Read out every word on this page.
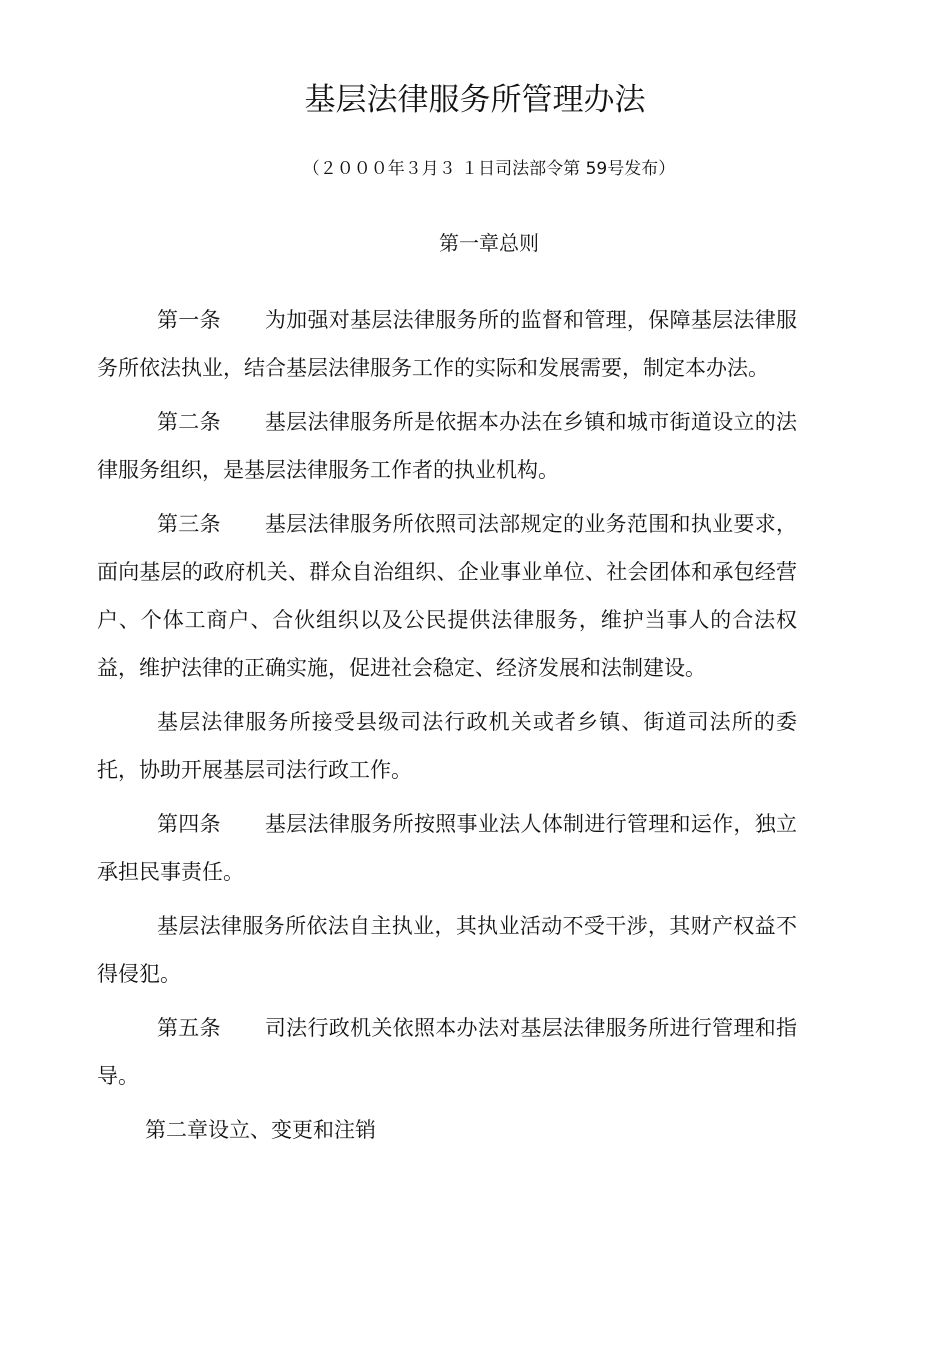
基层法律服务所管理办法
（２０００年３月３ １日司法部令第 59号发布）
第一章总则

第一条 为加强对基层法律服务所的监督和管理，保障基层法律服务所依法执业，结合基层法律服务工作的实际和发展需要，制定本办法。

第二条 基层法律服务所是依据本办法在乡镇和城市街道设立的法律服务组织，是基层法律服务工作者的执业机构。

第三条 基层法律服务所依照司法部规定的业务范围和执业要求，面向基层的政府机关、群众自治组织、企业事业单位、社会团体和承包经营户、个体工商户、合伙组织以及公民提供法律服务，维护当事人的合法权益，维护法律的正确实施，促进社会稳定、经济发展和法制建设。

基层法律服务所接受县级司法行政机关或者乡镇、街道司法所的委托，协助开展基层司法行政工作。

第四条 基层法律服务所按照事业法人体制进行管理和运作，独立承担民事责任。

基层法律服务所依法自主执业，其执业活动不受干涉，其财产权益不得侵犯。

第五条 司法行政机关依照本办法对基层法律服务所进行管理和指导。

第二章设立、变更和注销
